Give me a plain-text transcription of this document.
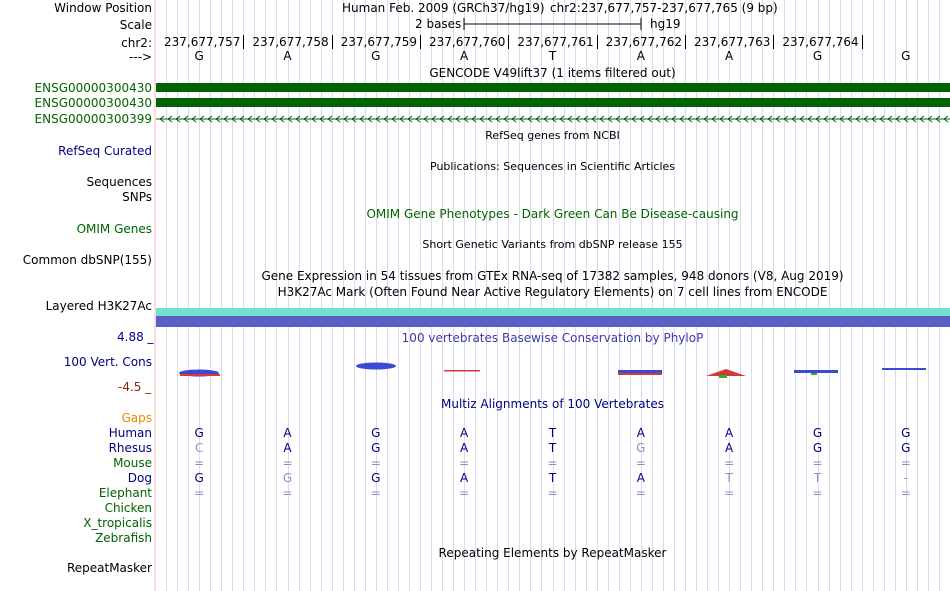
Window Position	Human Feb. 2009 (GRCh37/hg19) chr2:237,677,757-237,677,765 (9 bp)
Scale	2 bases	hg19
chr2: 237,677,757 237,677,758 237,677,759 237,677,760 237,677,761 237,677,762 237,677,763 237,677,764
--->	G	A	G	A	T	A	A	G	G
GENCODE V49lift37 (1 items filtered out)
ENSG00000300430
ENSG00000300430
ENSG00000300399
RefSeq genes from NCBI
RefSeq Curated
Publications: Sequences in Scientific Articles
Sequences
SNPs
OMIM Gene Phenotypes - Dark Green Can Be Disease-causing
OMIM Genes
Short Genetic Variants from dbSNP release 155
Common dbSNP(155)
Gene Expression in 54 tissues from GTEx RNA-seq of 17382 samples, 948 donors (V8, Aug 2019)
H3K27Ac Mark (Often Found Near Active Regulatory Elements) on 7 cell lines from ENCODE
Layered H3K27Ac
100 vertebrates Basewise Conservation by PhyloP
4.88 _
100 Vert. Cons
-4.5 _
Multiz Alignments of 100 Vertebrates
Gaps
Human	G	A	G	A	T	A	A	G	G
Rhesus	C	A	G	A	T	G	A	G	G
Mouse	=	=	=	=	=	=	=	=	=
Dog	G	G	G	A	T	A	T	T	-
Elephant	=	=	=	=	=	=	=	=	=
Chicken
X_tropicalis
Zebrafish
Repeating Elements by RepeatMasker
RepeatMasker
